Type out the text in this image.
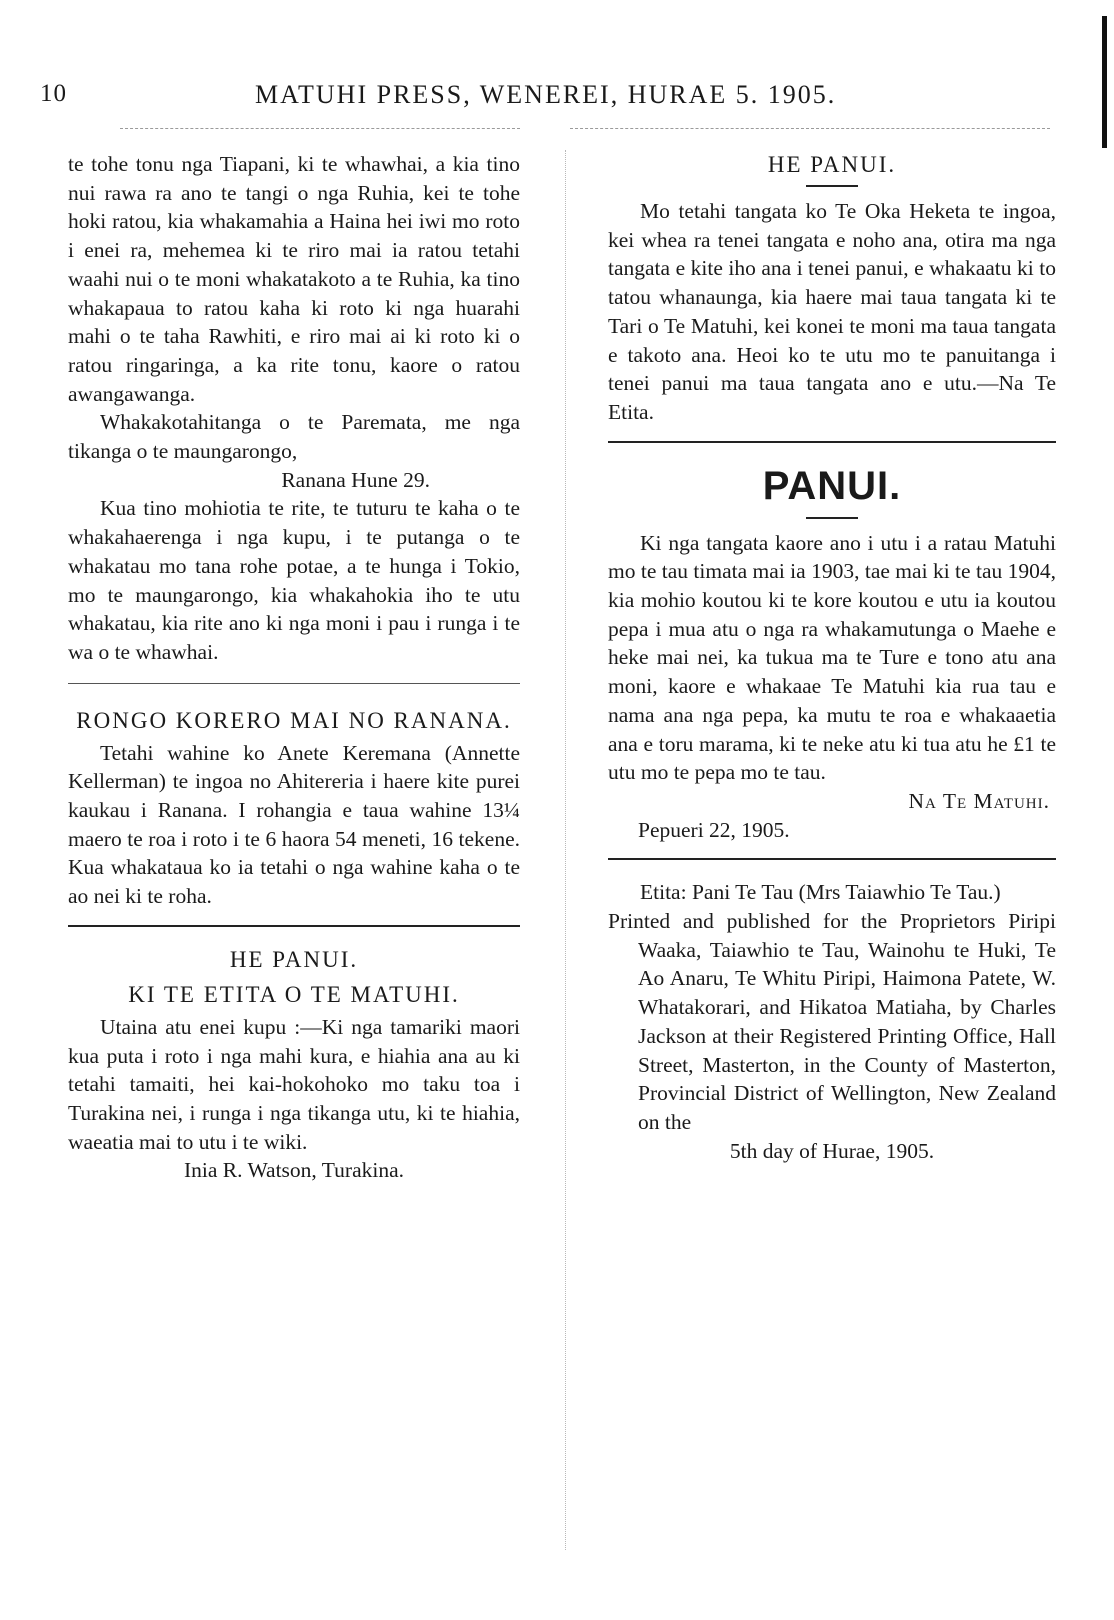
10	MATUHI PRESS, WENEREI, HURAE 5. 1905.

te tohe tonu nga Tiapani, ki te whawhai, a kia tino nui rawa ra ano te tangi o nga Ruhia, kei te tohe hoki ratou, kia whakamahia a Haina hei iwi mo roto i enei ra, mehemea ki te riro mai ia ratou tetahi waahi nui o te moni whakatakoto a te Ruhia, ka tino whakapaua to ratou kaha ki roto ki nga huarahi mahi o te taha Rawhiti, e riro mai ai ki roto ki o ratou ringaringa, a ka rite tonu, kaore o ratou awangawanga.

Whakakotahitanga o te Paremata, me nga tikanga o te maungarongo,

Ranana Hune 29.

Kua tino mohiotia te rite, te tuturu te kaha o te whakahaerenga i nga kupu, i te putanga o te whakatau mo tana rohe potae, a te hunga i Tokio, mo te maungarongo, kia whakahokia iho te utu whakatau, kia rite ano ki nga moni i pau i runga i te wa o te whawhai.

RONGO KORERO MAI NO RANANA.

Tetahi wahine ko Anete Keremana (Annette Kellerman) te ingoa no Ahitereria i haere kite purei kaukau i Ranana. I rohangia e taua wahine 13¼ maero te roa i roto i te 6 haora 54 meneti, 16 tekene. Kua whakataua ko ia tetahi o nga wahine kaha o te ao nei ki te roha.

HE PANUI.
KI TE ETITA O TE MATUHI.

Utaina atu enei kupu :—Ki nga tamariki maori kua puta i roto i nga mahi kura, e hiahia ana au ki tetahi tamaiti, hei kai-hokohoko mo taku toa i Turakina nei, i runga i nga tikanga utu, ki te hiahia, waeatia mai to utu i te wiki.

Inia R. Watson, Turakina.

HE PANUI.

Mo tetahi tangata ko Te Oka Heketa te ingoa, kei whea ra tenei tangata e noho ana, otira ma nga tangata e kite iho ana i tenei panui, e whakaatu ki to tatou whanaunga, kia haere mai taua tangata ki te Tari o Te Matuhi, kei konei te moni ma taua tangata e takoto ana. Heoi ko te utu mo te panuitanga i tenei panui ma taua tangata ano e utu.—Na Te Etita.

PANUI.

Ki nga tangata kaore ano i utu i a ratau Matuhi mo te tau timata mai ia 1903, tae mai ki te tau 1904, kia mohio koutou ki te kore koutou e utu ia koutou pepa i mua atu o nga ra whakamutunga o Maehe e heke mai nei, ka tukua ma te Ture e tono atu ana moni, kaore e whakaae Te Matuhi kia rua tau e nama ana nga pepa, ka mutu te roa e whakaaetia ana e toru marama, ki te neke atu ki tua atu he £1 te utu mo te pepa mo te tau.

Na Te Matuhi.

Pepueri 22, 1905.

Etita: Pani Te Tau (Mrs Taiawhio Te Tau.)

Printed and published for the Proprietors Piripi Waaka, Taiawhio te Tau, Wainohu te Huki, Te Ao Anaru, Te Whitu Piripi, Haimona Patete, W. Whatakorari, and Hikatoa Matiaha, by Charles Jackson at their Registered Printing Office, Hall Street, Masterton, in the County of Masterton, Provincial District of Wellington, New Zealand on the

5th day of Hurae, 1905.
